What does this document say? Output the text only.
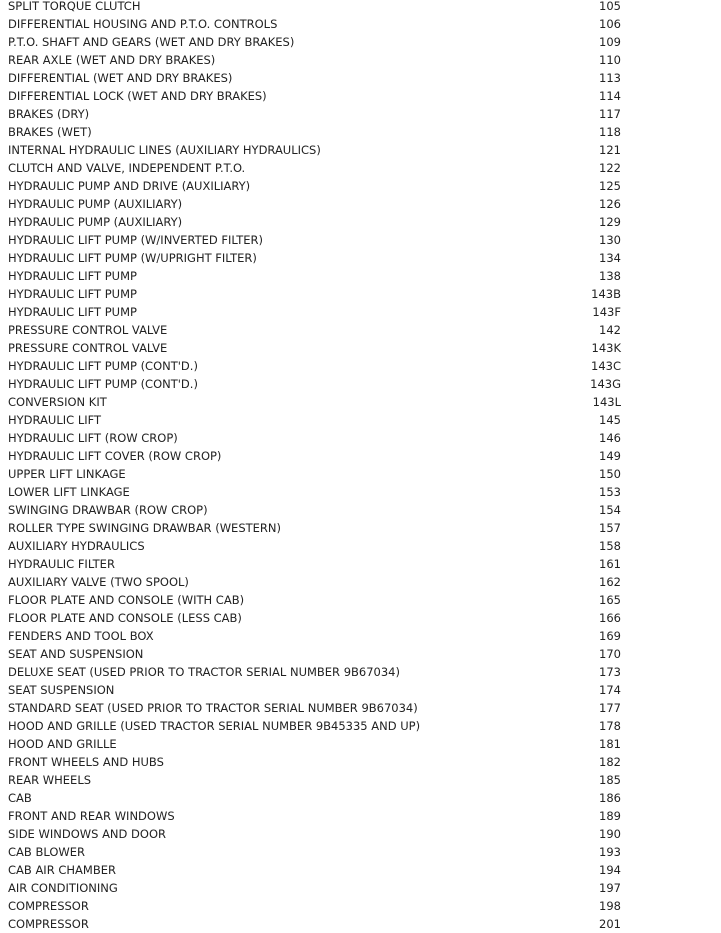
SPLIT TORQUE CLUTCH	105
DIFFERENTIAL HOUSING AND P.T.O. CONTROLS	106
P.T.O. SHAFT AND GEARS (WET AND DRY BRAKES)	109
REAR AXLE (WET AND DRY BRAKES)	110
DIFFERENTIAL (WET AND DRY BRAKES)	113
DIFFERENTIAL LOCK (WET AND DRY BRAKES)	114
BRAKES (DRY)	117
BRAKES (WET)	118
INTERNAL HYDRAULIC LINES (AUXILIARY HYDRAULICS)	121
CLUTCH AND VALVE, INDEPENDENT P.T.O.	122
HYDRAULIC PUMP AND DRIVE (AUXILIARY)	125
HYDRAULIC PUMP (AUXILIARY)	126
HYDRAULIC PUMP (AUXILIARY)	129
HYDRAULIC LIFT PUMP (W/INVERTED FILTER)	130
HYDRAULIC LIFT PUMP (W/UPRIGHT FILTER)	134
HYDRAULIC LIFT PUMP	138
HYDRAULIC LIFT PUMP	143B
HYDRAULIC LIFT PUMP	143F
PRESSURE CONTROL VALVE	142
PRESSURE CONTROL VALVE	143K
HYDRAULIC LIFT PUMP (CONT'D.)	143C
HYDRAULIC LIFT PUMP (CONT'D.)	143G
CONVERSION KIT	143L
HYDRAULIC LIFT	145
HYDRAULIC LIFT (ROW CROP)	146
HYDRAULIC LIFT COVER (ROW CROP)	149
UPPER LIFT LINKAGE	150
LOWER LIFT LINKAGE	153
SWINGING DRAWBAR (ROW CROP)	154
ROLLER TYPE SWINGING DRAWBAR (WESTERN)	157
AUXILIARY HYDRAULICS	158
HYDRAULIC FILTER	161
AUXILIARY VALVE (TWO SPOOL)	162
FLOOR PLATE AND CONSOLE (WITH CAB)	165
FLOOR PLATE AND CONSOLE (LESS CAB)	166
FENDERS AND TOOL BOX	169
SEAT AND SUSPENSION	170
DELUXE SEAT (USED PRIOR TO TRACTOR SERIAL NUMBER 9B67034)	173
SEAT SUSPENSION	174
STANDARD SEAT (USED PRIOR TO TRACTOR SERIAL NUMBER 9B67034)	177
HOOD AND GRILLE (USED TRACTOR SERIAL NUMBER 9B45335 AND UP)	178
HOOD AND GRILLE	181
FRONT WHEELS AND HUBS	182
REAR WHEELS	185
CAB	186
FRONT AND REAR WINDOWS	189
SIDE WINDOWS AND DOOR	190
CAB BLOWER	193
CAB AIR CHAMBER	194
AIR CONDITIONING	197
COMPRESSOR	198
COMPRESSOR	201
